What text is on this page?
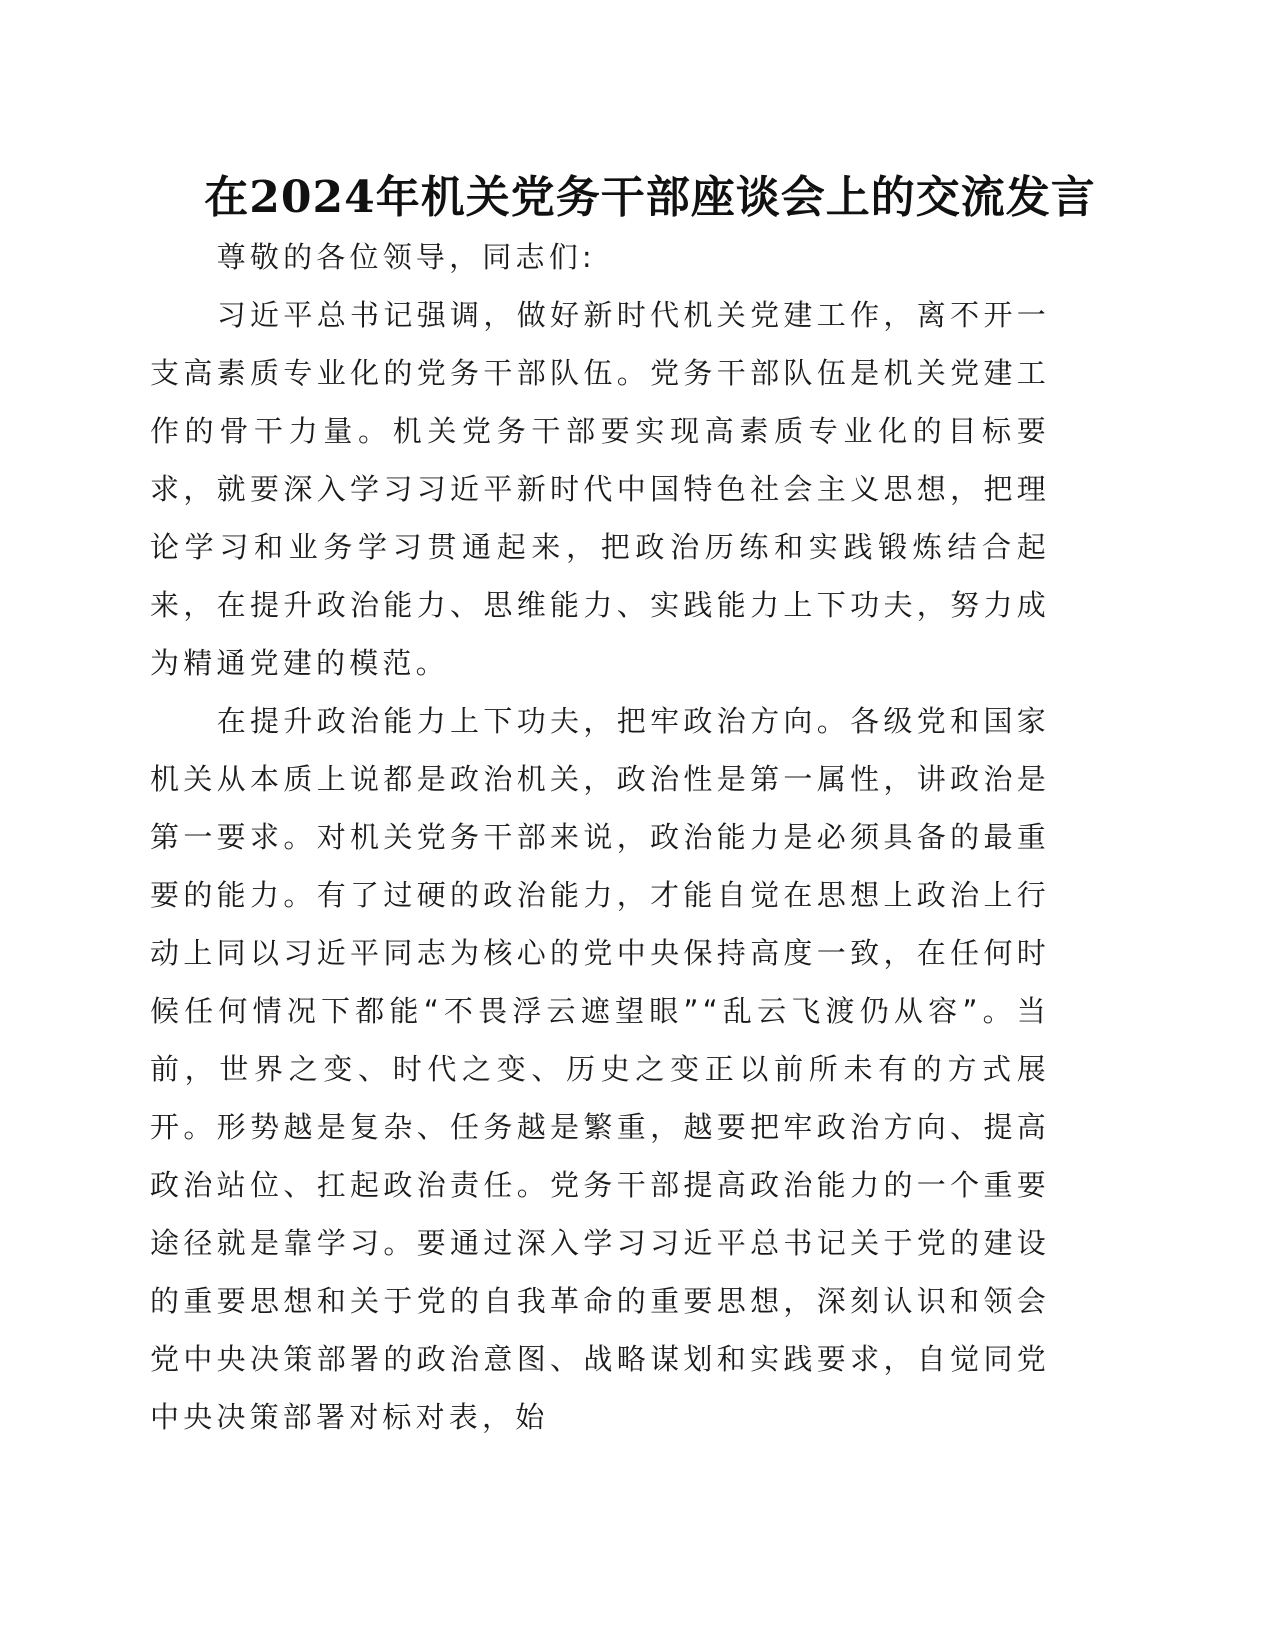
在2024年机关党务干部座谈会上的交流发言

尊敬的各位领导，同志们:

习近平总书记强调，做好新时代机关党建工作，离不开一支高素质专业化的党务干部队伍。党务干部队伍是机关党建工作的骨干力量。机关党务干部要实现高素质专业化的目标要求，就要深入学习习近平新时代中国特色社会主义思想，把理论学习和业务学习贯通起来，把政治历练和实践锻炼结合起来，在提升政治能力、思维能力、实践能力上下功夫，努力成为精通党建的模范。

在提升政治能力上下功夫，把牢政治方向。各级党和国家机关从本质上说都是政治机关，政治性是第一属性，讲政治是第一要求。对机关党务干部来说，政治能力是必须具备的最重要的能力。有了过硬的政治能力，才能自觉在思想上政治上行动上同以习近平同志为核心的党中央保持高度一致，在任何时候任何情况下都能“不畏浮云遮望眼”“乱云飞渡仍从容”。当前，世界之变、时代之变、历史之变正以前所未有的方式展开。形势越是复杂、任务越是繁重，越要把牢政治方向、提高政治站位、扛起政治责任。党务干部提高政治能力的一个重要途径就是靠学习。要通过深入学习习近平总书记关于党的建设的重要思想和关于党的自我革命的重要思想，深刻认识和领会党中央决策部署的政治意图、战略谋划和实践要求，自觉同党中央决策部署对标对表，始
